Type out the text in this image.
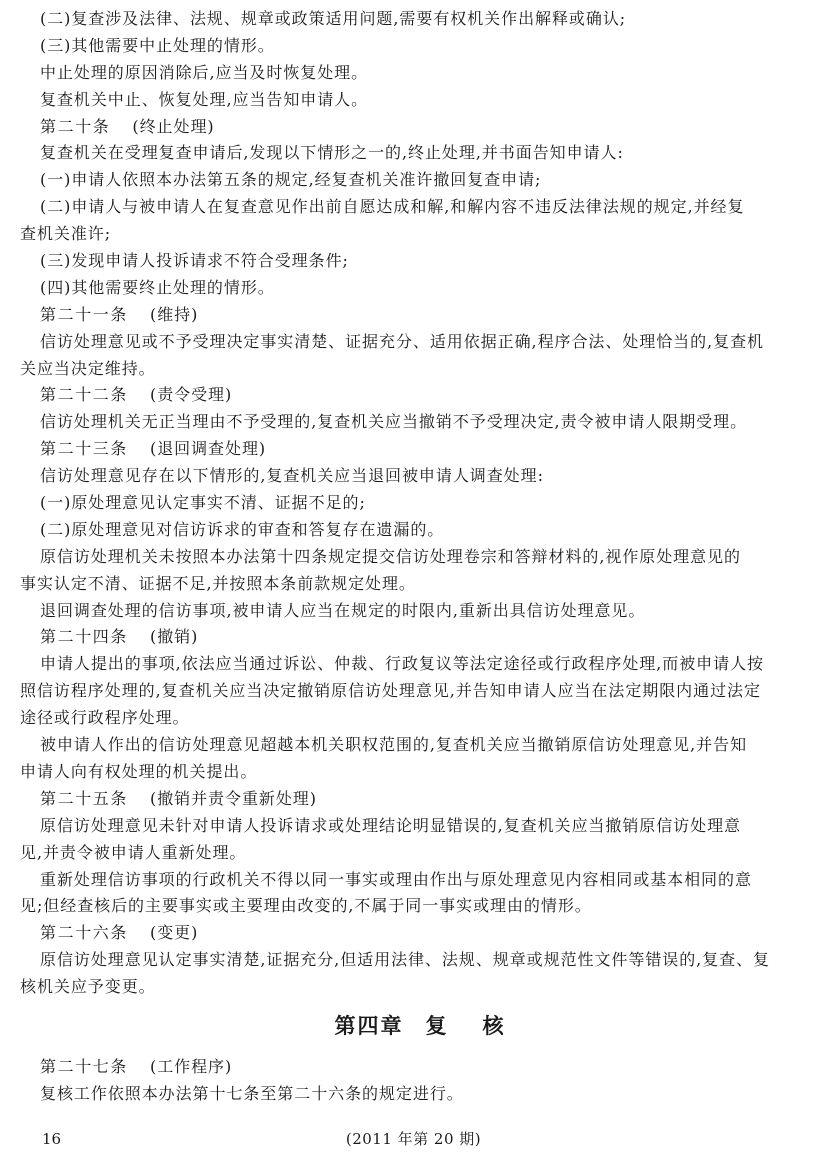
(二)复查涉及法律、法规、规章或政策适用问题,需要有权机关作出解释或确认;
(三)其他需要中止处理的情形。
中止处理的原因消除后,应当及时恢复处理。
复查机关中止、恢复处理,应当告知申请人。
第二十条 (终止处理)
复查机关在受理复查申请后,发现以下情形之一的,终止处理,并书面告知申请人:
(一)申请人依照本办法第五条的规定,经复查机关准许撤回复查申请;
(二)申请人与被申请人在复查意见作出前自愿达成和解,和解内容不违反法律法规的规定,并经复
查机关准许;
(三)发现申请人投诉请求不符合受理条件;
(四)其他需要终止处理的情形。
第二十一条 (维持)
信访处理意见或不予受理决定事实清楚、证据充分、适用依据正确,程序合法、处理恰当的,复查机
关应当决定维持。
第二十二条 (责令受理)
信访处理机关无正当理由不予受理的,复查机关应当撤销不予受理决定,责令被申请人限期受理。
第二十三条 (退回调查处理)
信访处理意见存在以下情形的,复查机关应当退回被申请人调查处理:
(一)原处理意见认定事实不清、证据不足的;
(二)原处理意见对信访诉求的审查和答复存在遗漏的。
原信访处理机关未按照本办法第十四条规定提交信访处理卷宗和答辩材料的,视作原处理意见的
事实认定不清、证据不足,并按照本条前款规定处理。
退回调查处理的信访事项,被申请人应当在规定的时限内,重新出具信访处理意见。
第二十四条 (撤销)
申请人提出的事项,依法应当通过诉讼、仲裁、行政复议等法定途径或行政程序处理,而被申请人按
照信访程序处理的,复查机关应当决定撤销原信访处理意见,并告知申请人应当在法定期限内通过法定
途径或行政程序处理。
被申请人作出的信访处理意见超越本机关职权范围的,复查机关应当撤销原信访处理意见,并告知
申请人向有权处理的机关提出。
第二十五条 (撤销并责令重新处理)
原信访处理意见未针对申请人投诉请求或处理结论明显错误的,复查机关应当撤销原信访处理意
见,并责令被申请人重新处理。
重新处理信访事项的行政机关不得以同一事实或理由作出与原处理意见内容相同或基本相同的意
见;但经查核后的主要事实或主要理由改变的,不属于同一事实或理由的情形。
第二十六条 (变更)
原信访处理意见认定事实清楚,证据充分,但适用法律、法规、规章或规范性文件等错误的,复查、复
核机关应予变更。
第四章 复 核
第二十七条 (工作程序)
复核工作依照本办法第十七条至第二十六条的规定进行。
16	(2011 年第 20 期)
